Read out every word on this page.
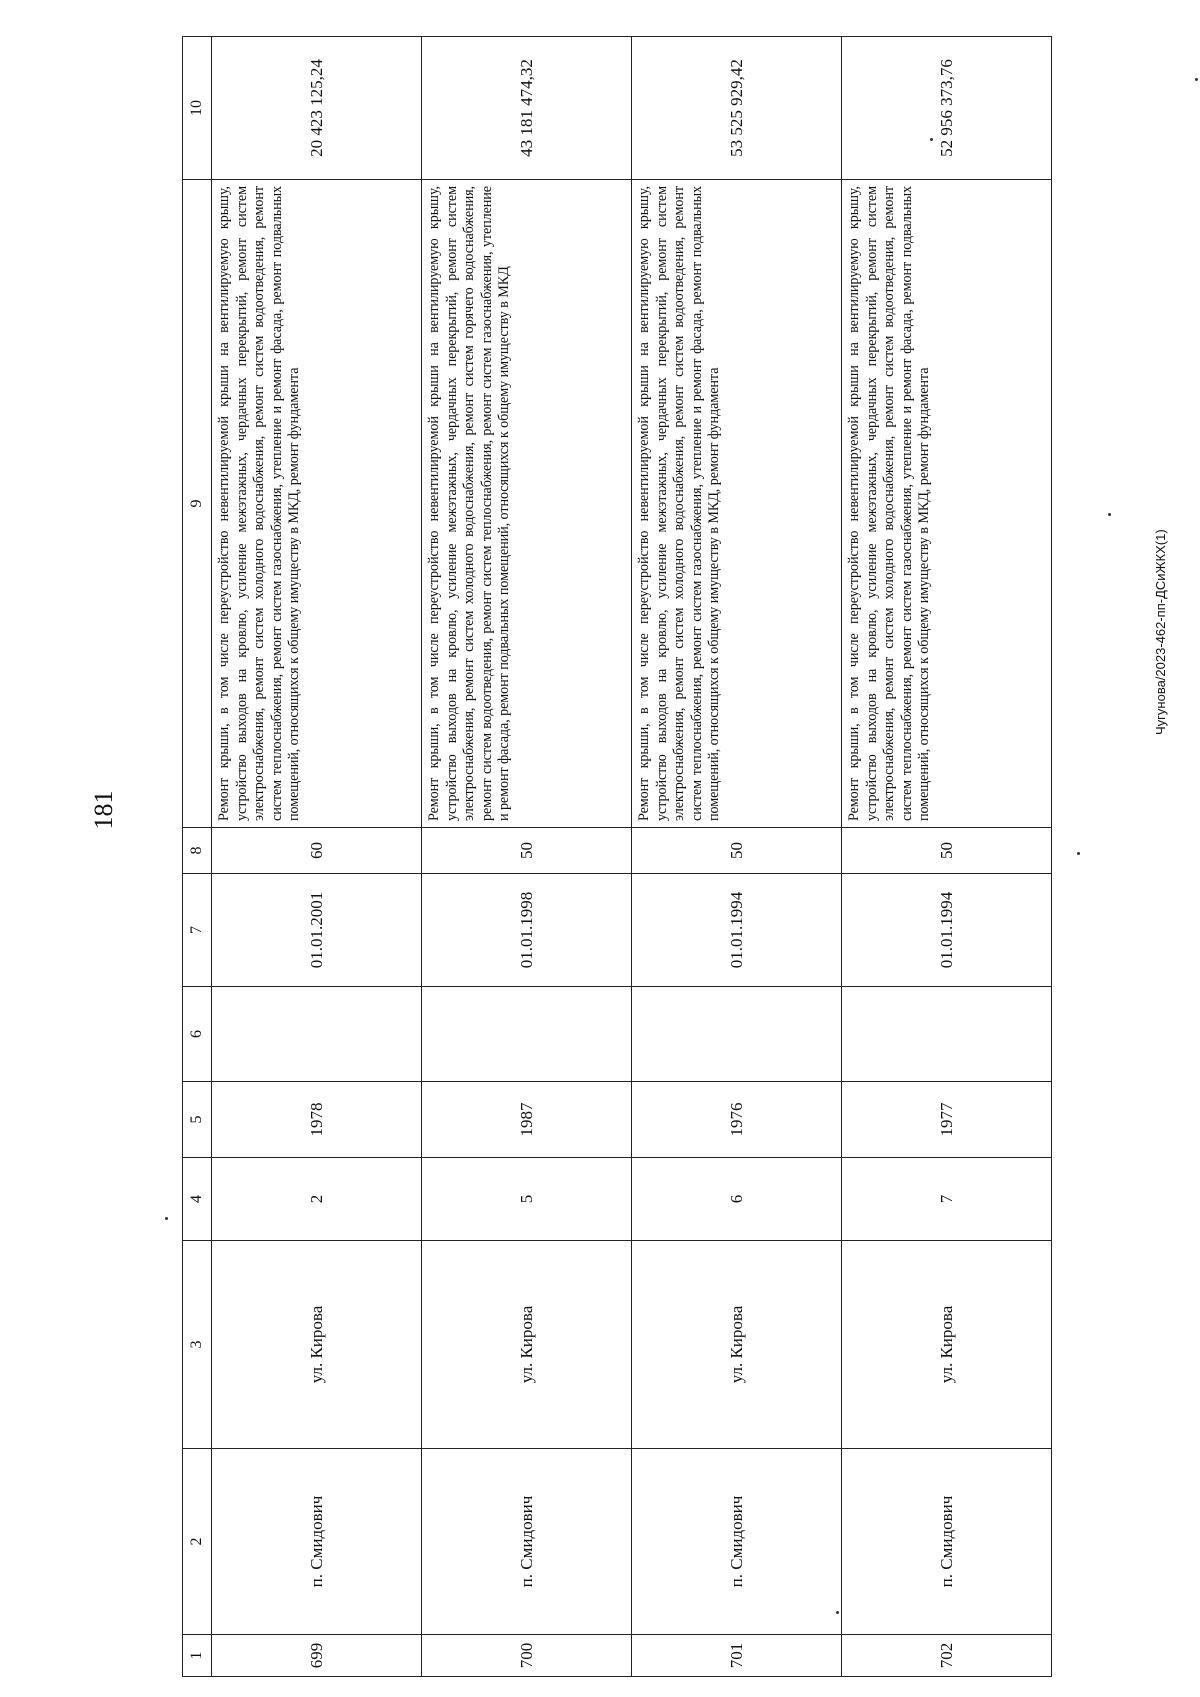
181
Чугунова/2023-462-пп-ДСиЖКХ(1)
1	2	3	4	5	6	7	8	9	10
699	п. Смидович	ул. Кирова	2	1978		01.01.2001	60	Ремонт крыши, в том числе переустройство невентилируемой крыши на вентилируемую крышу, устройство выходов на кровлю, усиление межэтажных, чердачных перекрытий, ремонт систем электроснабжения, ремонт систем холодного водоснабжения, ремонт систем водоотведения, ремонт систем теплоснабжения, ремонт систем газоснабжения, утепление и ремонт фасада, ремонт подвальных помещений, относящихся к общему имуществу в МКД, ремонт фундамента	20 423 125,24
700	п. Смидович	ул. Кирова	5	1987		01.01.1998	50	Ремонт крыши, в том числе переустройство невентилируемой крыши на вентилируемую крышу, устройство выходов на кровлю, усиление межэтажных, чердачных перекрытий, ремонт систем электроснабжения, ремонт систем холодного водоснабжения, ремонт систем горячего водоснабжения, ремонт систем водоотведения, ремонт систем теплоснабжения, ремонт систем газоснабжения, утепление и ремонт фасада, ремонт подвальных помещений, относящихся к общему имуществу в МКД	43 181 474,32
701	п. Смидович	ул. Кирова	6	1976		01.01.1994	50	Ремонт крыши, в том числе переустройство невентилируемой крыши на вентилируемую крышу, устройство выходов на кровлю, усиление межэтажных, чердачных перекрытий, ремонт систем электроснабжения, ремонт систем холодного водоснабжения, ремонт систем водоотведения, ремонт систем теплоснабжения, ремонт систем газоснабжения, утепление и ремонт фасада, ремонт подвальных помещений, относящихся к общему имуществу в МКД, ремонт фундамента	53 525 929,42
702	п. Смидович	ул. Кирова	7	1977		01.01.1994	50	Ремонт крыши, в том числе переустройство невентилируемой крыши на вентилируемую крышу, устройство выходов на кровлю, усиление межэтажных, чердачных перекрытий, ремонт систем электроснабжения, ремонт систем холодного водоснабжения, ремонт систем водоотведения, ремонт систем теплоснабжения, ремонт систем газоснабжения, утепление и ремонт фасада, ремонт подвальных помещений, относящихся к общему имуществу в МКД, ремонт фундамента	52 956 373,76
